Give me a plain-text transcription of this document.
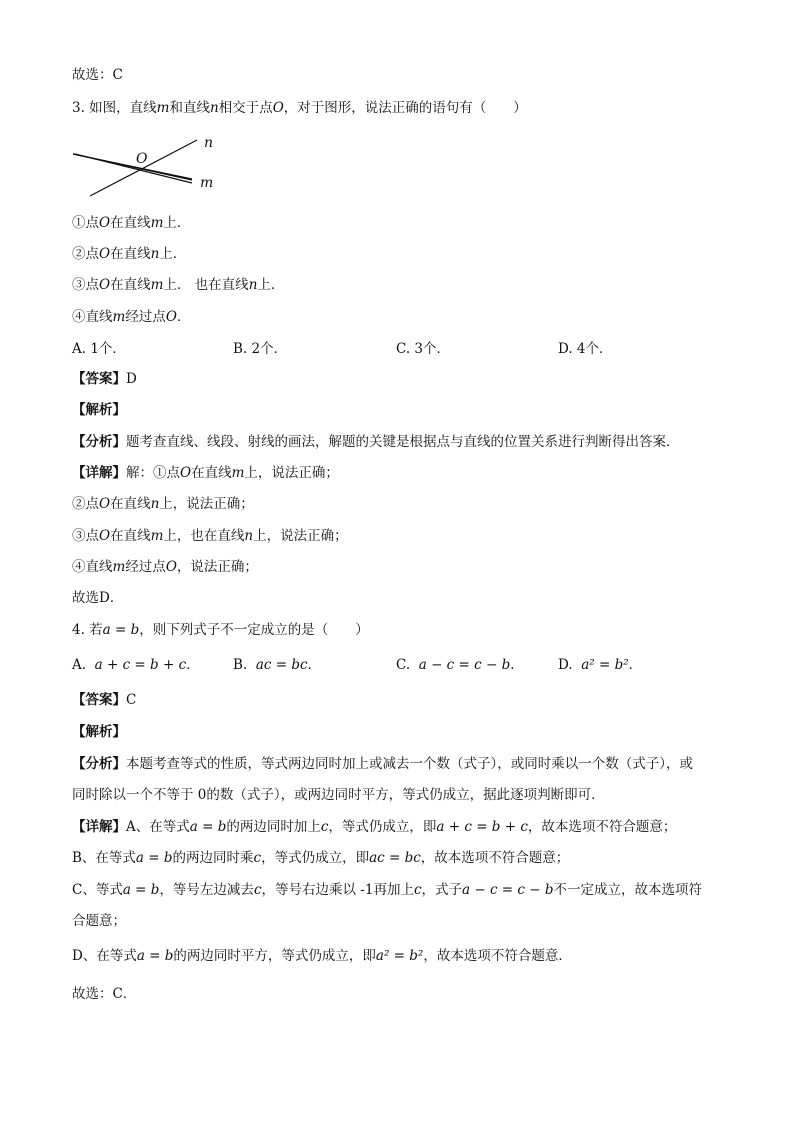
故选：C
3. 如图，直线m和直线n相交于点O，对于图形，说法正确的语句有（　　）
O
n
m
①点O在直线m上．
②点O在直线n上．
③点O在直线m上． 也在直线n上．
④直线m经过点O．
A. 1个．	B. 2个．	C. 3个．	D. 4个．
【答案】D
【解析】
【分析】题考查直线、线段、射线的画法，解题的关键是根据点与直线的位置关系进行判断得出答案．
【详解】解：①点O在直线m上，说法正确；
②点O在直线n上，说法正确；
③点O在直线m上，也在直线n上，说法正确；
④直线m经过点O，说法正确；
故选D．
4. 若a = b，则下列式子不一定成立的是（　　）
A. a + c = b + c． B. ac = bc．	C. a − c = c − b．	D. a² = b²．
【答案】C
【解析】
【分析】本题考查等式的性质，等式两边同时加上或减去一个数（式子），或同时乘以一个数（式子），或
同时除以一个不等于 0的数（式子），或两边同时平方，等式仍成立，据此逐项判断即可．
【详解】A、在等式a = b的两边同时加上c，等式仍成立，即a + c = b + c，故本选项不符合题意；
B、在等式a = b的两边同时乘c，等式仍成立，即ac = bc，故本选项不符合题意；
C、等式a = b，等号左边减去c，等号右边乘以 -1再加上c，式子a − c = c − b不一定成立，故本选项符
合题意；
D、在等式a = b的两边同时平方，等式仍成立，即a² = b²，故本选项不符合题意．
故选：C．
